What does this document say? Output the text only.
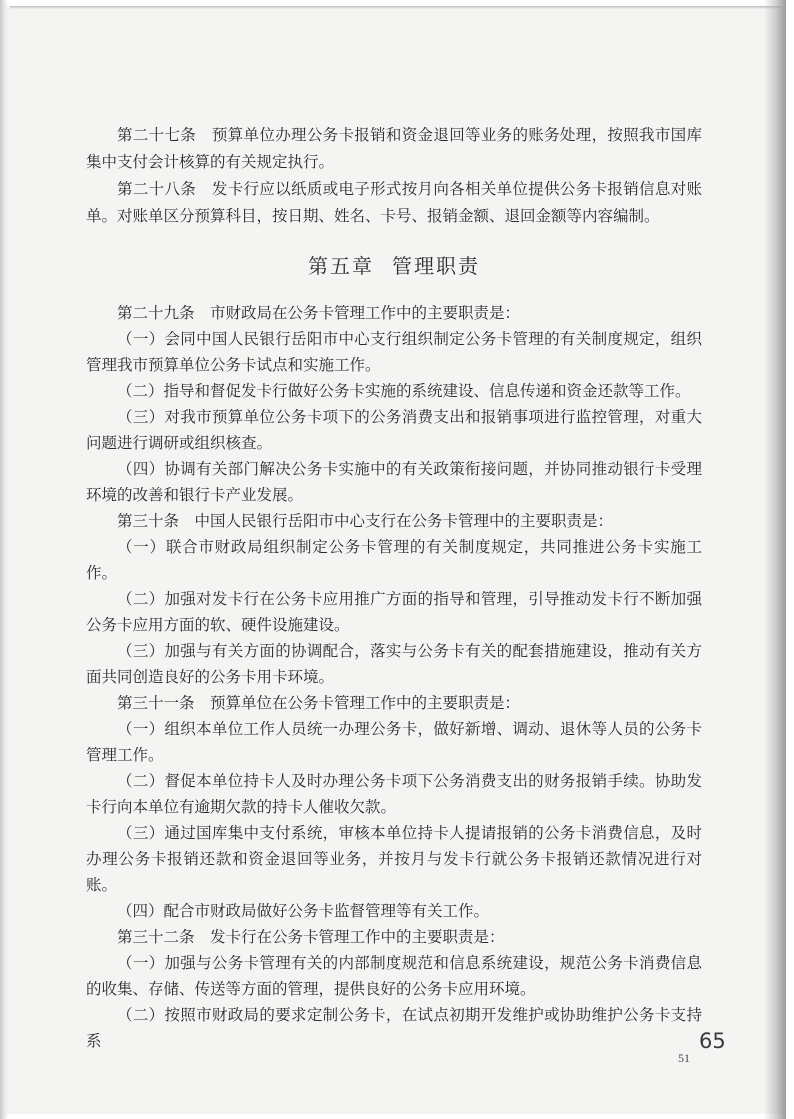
第二十七条　预算单位办理公务卡报销和资金退回等业务的账务处理，按照我市国库集中支付会计核算的有关规定执行。

第二十八条　发卡行应以纸质或电子形式按月向各相关单位提供公务卡报销信息对账单。对账单区分预算科目，按日期、姓名、卡号、报销金额、退回金额等内容编制。

第五章 管理职责

第二十九条　市财政局在公务卡管理工作中的主要职责是：

（一）会同中国人民银行岳阳市中心支行组织制定公务卡管理的有关制度规定，组织管理我市预算单位公务卡试点和实施工作。

（二）指导和督促发卡行做好公务卡实施的系统建设、信息传递和资金还款等工作。

（三）对我市预算单位公务卡项下的公务消费支出和报销事项进行监控管理，对重大问题进行调研或组织核查。

（四）协调有关部门解决公务卡实施中的有关政策衔接问题，并协同推动银行卡受理环境的改善和银行卡产业发展。

第三十条　中国人民银行岳阳市中心支行在公务卡管理中的主要职责是：

（一）联合市财政局组织制定公务卡管理的有关制度规定，共同推进公务卡实施工作。

（二）加强对发卡行在公务卡应用推广方面的指导和管理，引导推动发卡行不断加强公务卡应用方面的软、硬件设施建设。

（三）加强与有关方面的协调配合，落实与公务卡有关的配套措施建设，推动有关方面共同创造良好的公务卡用卡环境。

第三十一条　预算单位在公务卡管理工作中的主要职责是：

（一）组织本单位工作人员统一办理公务卡，做好新增、调动、退休等人员的公务卡管理工作。

（二）督促本单位持卡人及时办理公务卡项下公务消费支出的财务报销手续。协助发卡行向本单位有逾期欠款的持卡人催收欠款。

（三）通过国库集中支付系统，审核本单位持卡人提请报销的公务卡消费信息，及时办理公务卡报销还款和资金退回等业务，并按月与发卡行就公务卡报销还款情况进行对账。

（四）配合市财政局做好公务卡监督管理等有关工作。

第三十二条　发卡行在公务卡管理工作中的主要职责是：

（一）加强与公务卡管理有关的内部制度规范和信息系统建设，规范公务卡消费信息的收集、存储、传送等方面的管理，提供良好的公务卡应用环境。

（二）按照市财政局的要求定制公务卡，在试点初期开发维护或协助维护公务卡支持系	65
51
